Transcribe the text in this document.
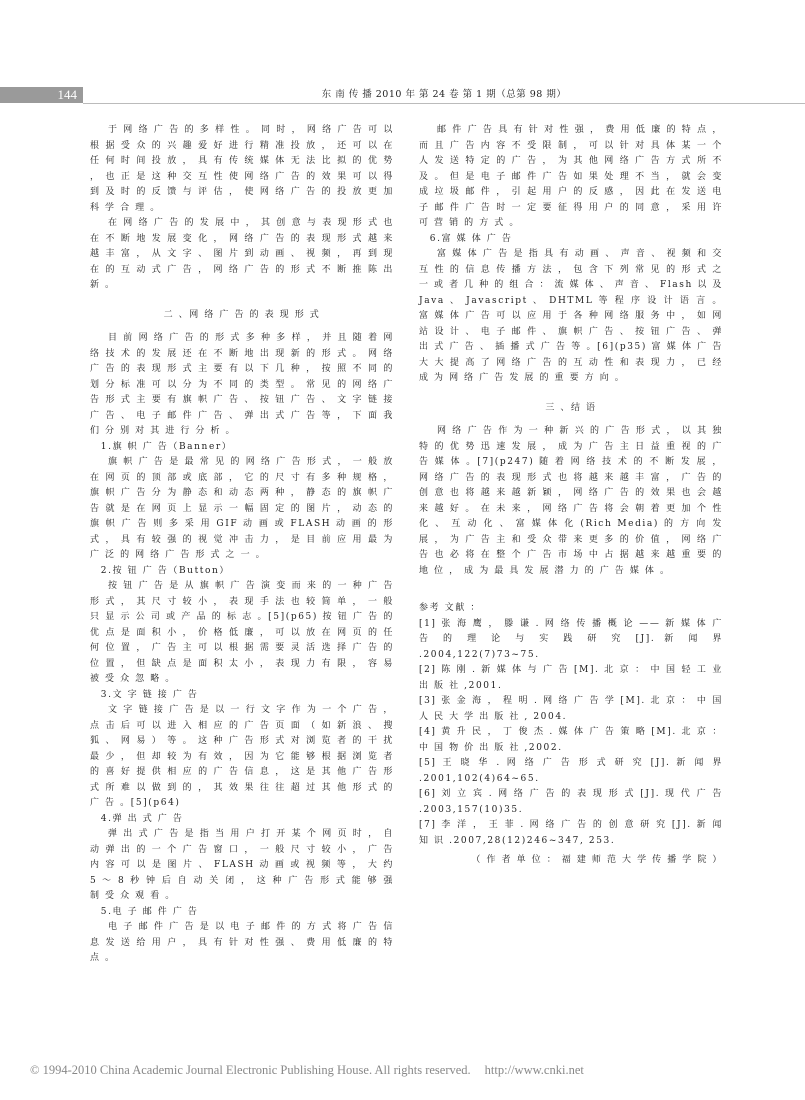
144	东 南 传 播 2010 年 第 24 卷 第 1 期（总第 98 期）

于 网 络 广 告 的 多 样 性 。 同 时 ， 网 络 广 告 可 以 根 据 受 众 的 兴 趣 爱 好 进 行 精 准 投 放 ， 还 可 以 在 任 何 时 间 投 放 ， 具 有 传 统 媒 体 无 法 比 拟 的 优 势 ， 也 正 是 这 种 交 互 性 使 网 络 广 告 的 效 果 可 以 得 到 及 时 的 反 馈 与 评 估 ， 使 网 络 广 告 的 投 放 更 加 科 学 合 理 。

在 网 络 广 告 的 发 展 中 ， 其 创 意 与 表 现 形 式 也 在 不 断 地 发 展 变 化 ， 网 络 广 告 的 表 现 形 式 越 来 越 丰 富 ， 从 文 字 、 图 片 到 动 画 、 视 频 ， 再 到 现 在 的 互 动 式 广 告 ， 网 络 广 告 的 形 式 不 断 推 陈 出 新 。

二 、网 络 广 告 的 表 现 形 式

目 前 网 络 广 告 的 形 式 多 种 多 样 ， 并 且 随 着 网 络 技 术 的 发 展 还 在 不 断 地 出 现 新 的 形 式 。 网 络 广 告 的 表 现 形 式 主 要 有 以 下 几 种 ， 按 照 不 同 的 划 分 标 准 可 以 分 为 不 同 的 类 型 。 常 见 的 网 络 广 告 形 式 主 要 有 旗 帜 广 告 、 按 钮 广 告 、 文 字 链 接 广 告 、 电 子 邮 件 广 告 、 弹 出 式 广 告 等 ， 下 面 我 们 分 别 对 其 进 行 分 析 。

1.旗 帜 广 告（Banner）

旗 帜 广 告 是 最 常 见 的 网 络 广 告 形 式 ， 一 般 放 在 网 页 的 顶 部 或 底 部 ， 它 的 尺 寸 有 多 种 规 格 ， 旗 帜 广 告 分 为 静 态 和 动 态 两 种 ， 静 态 的 旗 帜 广 告 就 是 在 网 页 上 显 示 一 幅 固 定 的 图 片 ， 动 态 的 旗 帜 广 告 则 多 采 用 GIF 动 画 或 FLASH 动 画 的 形 式 ， 具 有 较 强 的 视 觉 冲 击 力 ， 是 目 前 应 用 最 为 广 泛 的 网 络 广 告 形 式 之 一 。

2.按 钮 广 告（Button）

按 钮 广 告 是 从 旗 帜 广 告 演 变 而 来 的 一 种 广 告 形 式 ， 其 尺 寸 较 小 ， 表 现 手 法 也 较 简 单 ， 一 般 只 显 示 公 司 或 产 品 的 标 志 。[5](p65) 按 钮 广 告 的 优 点 是 面 积 小 ， 价 格 低 廉 ， 可 以 放 在 网 页 的 任 何 位 置 ， 广 告 主 可 以 根 据 需 要 灵 活 选 择 广 告 的 位 置 ， 但 缺 点 是 面 积 太 小 ， 表 现 力 有 限 ， 容 易 被 受 众 忽 略 。

3.文 字 链 接 广 告

文 字 链 接 广 告 是 以 一 行 文 字 作 为 一 个 广 告 ， 点 击 后 可 以 进 入 相 应 的 广 告 页 面 （ 如 新 浪 、 搜 狐 、 网 易 ） 等 。 这 种 广 告 形 式 对 浏 览 者 的 干 扰 最 少 ， 但 却 较 为 有 效 ， 因 为 它 能 够 根 据 浏 览 者 的 喜 好 提 供 相 应 的 广 告 信 息 ， 这 是 其 他 广 告 形 式 所 难 以 做 到 的 ， 其 效 果 往 往 超 过 其 他 形 式 的 广 告 。[5](p64)

4.弹 出 式 广 告

弹 出 式 广 告 是 指 当 用 户 打 开 某 个 网 页 时 ， 自 动 弹 出 的 一 个 广 告 窗 口 ， 一 般 尺 寸 较 小 ， 广 告 内 容 可 以 是 图 片 、 FLASH 动 画 或 视 频 等 ， 大 约 5 ～ 8 秒 钟 后 自 动 关 闭 ， 这 种 广 告 形 式 能 够 强 制 受 众 观 看 。

5.电 子 邮 件 广 告

电 子 邮 件 广 告 是 以 电 子 邮 件 的 方 式 将 广 告 信 息 发 送 给 用 户 ， 具 有 针 对 性 强 、 费 用 低 廉 的 特 点 。

邮 件 广 告 具 有 针 对 性 强 ， 费 用 低 廉 的 特 点 ， 而 且 广 告 内 容 不 受 限 制 ， 可 以 针 对 具 体 某 一 个 人 发 送 特 定 的 广 告 ， 为 其 他 网 络 广 告 方 式 所 不 及 。 但 是 电 子 邮 件 广 告 如 果 处 理 不 当 ， 就 会 变 成 垃 圾 邮 件 ， 引 起 用 户 的 反 感 ， 因 此 在 发 送 电 子 邮 件 广 告 时 一 定 要 征 得 用 户 的 同 意 ， 采 用 许 可 营 销 的 方 式 。

6.富 媒 体 广 告

富 媒 体 广 告 是 指 具 有 动 画 、 声 音 、 视 频 和 交 互 性 的 信 息 传 播 方 法 ， 包 含 下 列 常 见 的 形 式 之 一 或 者 几 种 的 组 合 ： 流 媒 体 、 声 音 、 Flash 以 及 Java 、 Javascript 、 DHTML 等 程 序 设 计 语 言 。 富 媒 体 广 告 可 以 应 用 于 各 种 网 络 服 务 中 ， 如 网 站 设 计 、 电 子 邮 件 、 旗 帜 广 告 、 按 钮 广 告 、 弹 出 式 广 告 、 插 播 式 广 告 等 。[6](p35) 富 媒 体 广 告 大 大 提 高 了 网 络 广 告 的 互 动 性 和 表 现 力 ， 已 经 成 为 网 络 广 告 发 展 的 重 要 方 向 。

三 、结 语

网 络 广 告 作 为 一 种 新 兴 的 广 告 形 式 ， 以 其 独 特 的 优 势 迅 速 发 展 ， 成 为 广 告 主 日 益 重 视 的 广 告 媒 体 。[7](p247) 随 着 网 络 技 术 的 不 断 发 展 ， 网 络 广 告 的 表 现 形 式 也 将 越 来 越 丰 富 ， 广 告 的 创 意 也 将 越 来 越 新 颖 ， 网 络 广 告 的 效 果 也 会 越 来 越 好 。 在 未 来 ， 网 络 广 告 将 会 朝 着 更 加 个 性 化 、 互 动 化 、 富 媒 体 化 (Rich Media) 的 方 向 发 展 ， 为 广 告 主 和 受 众 带 来 更 多 的 价 值 ， 网 络 广 告 也 必 将 在 整 个 广 告 市 场 中 占 据 越 来 越 重 要 的 地 位 ， 成 为 最 具 发 展 潜 力 的 广 告 媒 体 。

参考 文献 ：

[1] 张 海 鹰 ， 滕 谦 . 网 络 传 播 概 论 —— 新 媒 体 广 告 的 理 论 与 实 践 研 究 [J]. 新 闻 界 .2004,122(7)73~75.

[2] 陈 刚 . 新 媒 体 与 广 告 [M]. 北 京 ： 中 国 轻 工 业 出 版 社 ,2001.

[3] 张 金 海 ， 程 明 . 网 络 广 告 学 [M]. 北 京 ： 中 国 人 民 大 学 出 版 社 , 2004.

[4] 黄 升 民 ， 丁 俊 杰 . 媒 体 广 告 策 略 [M]. 北 京 ： 中 国 物 价 出 版 社 ,2002.

[5] 王 晓 华 . 网 络 广 告 形 式 研 究 [J]. 新 闻 界 .2001,102(4)64~65.

[6] 刘 立 宾 . 网 络 广 告 的 表 现 形 式 [J]. 现 代 广 告 .2003,157(10)35.

[7] 李 洋 ， 王 菲 . 网 络 广 告 的 创 意 研 究 [J]. 新 闻 知 识 .2007,28(12)246~347, 253.

（ 作 者 单 位 ： 福 建 师 范 大 学 传 播 学 院 ）

© 1994-2010 China Academic Journal Electronic Publishing House. All rights reserved. http://www.cnki.net
